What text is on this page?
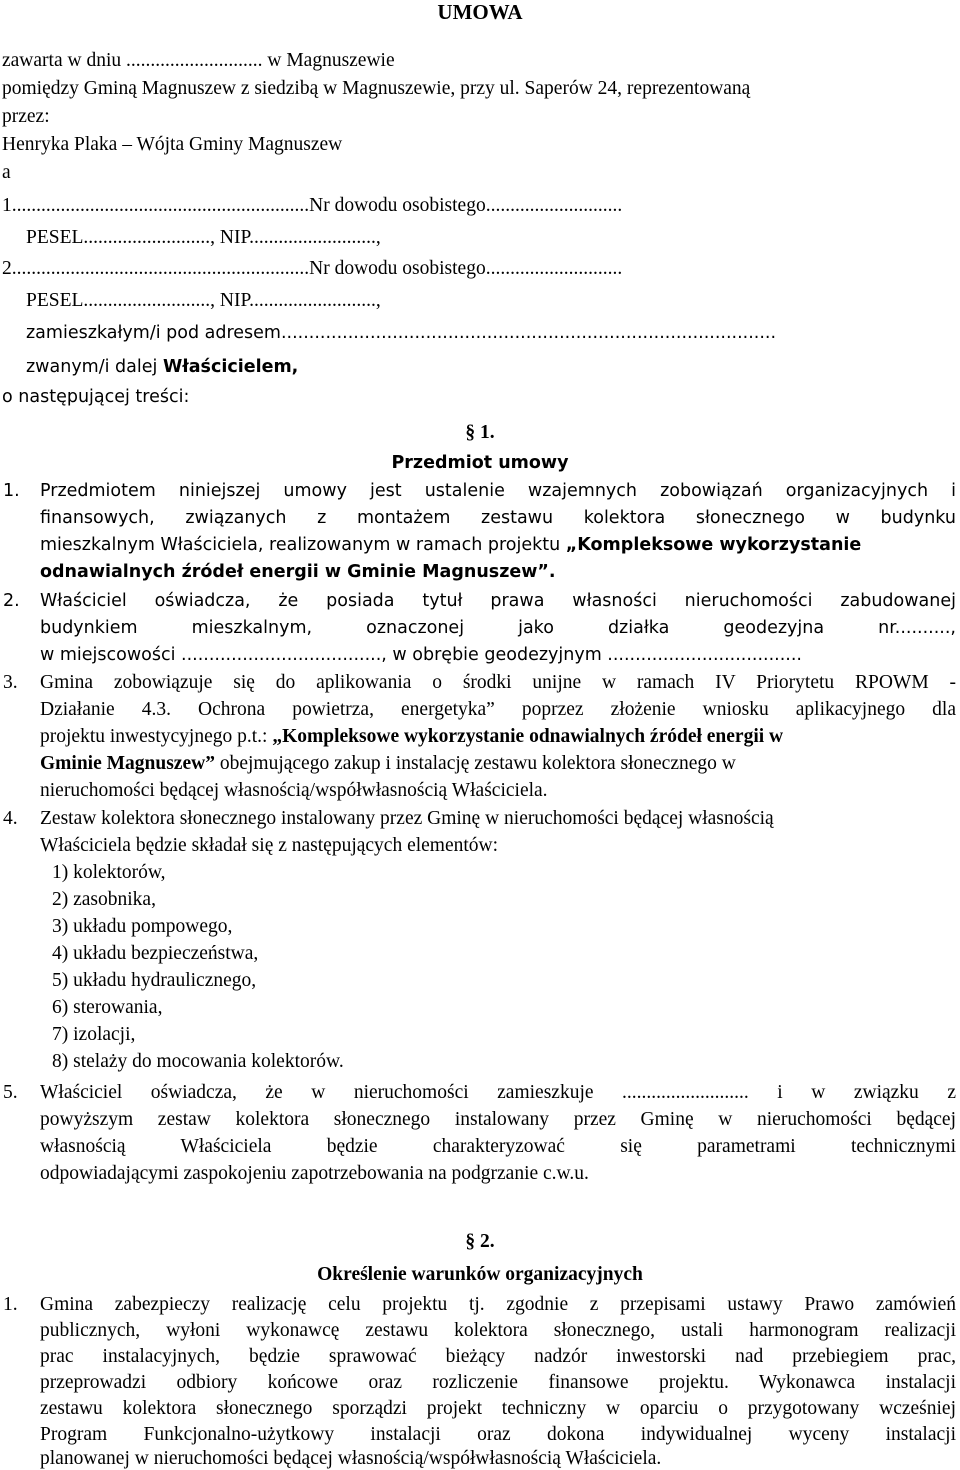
UMOWA
zawarta w dniu ............................ w Magnuszewie
pomiędzy Gminą Magnuszew z siedzibą w Magnuszewie, przy ul. Saperów 24, reprezentowaną
przez:
Henryka Plaka – Wójta Gminy Magnuszew
a
1.............................................................Nr dowodu osobistego............................
PESEL.........................., NIP..........................,
2.............................................................Nr dowodu osobistego............................
PESEL.........................., NIP..........................,
zamieszkałym/i pod adresem.........................................................................................
zwanym/i dalej Właścicielem,
o następującej treści:
§ 1.
Przedmiot umowy
1. Przedmiotem niniejszej umowy jest ustalenie wzajemnych zobowiązań organizacyjnych i
finansowych, związanych z montażem zestawu kolektora słonecznego w budynku
mieszkalnym Właściciela, realizowanym w ramach projektu „Kompleksowe wykorzystanie
odnawialnych źródeł energii w Gminie Magnuszew”.
2. Właściciel oświadcza, że posiada tytuł prawa własności nieruchomości zabudowanej
budynkiem mieszkalnym, oznaczonej jako działka geodezyjna nr..........,
w miejscowości ...................................., w obrębie geodezyjnym ...................................
3. Gmina zobowiązuje się do aplikowania o środki unijne w ramach IV Priorytetu RPOWM -
Działanie 4.3. Ochrona powietrza, energetyka” poprzez złożenie wniosku aplikacyjnego dla
projektu inwestycyjnego p.t.: „Kompleksowe wykorzystanie odnawialnych źródeł energii w
Gminie Magnuszew” obejmującego zakup i instalację zestawu kolektora słonecznego w
nieruchomości będącej własnością/współwłasnością Właściciela.
4. Zestaw kolektora słonecznego instalowany przez Gminę w nieruchomości będącej własnością
Właściciela będzie składał się z następujących elementów:
1) kolektorów,
2) zasobnika,
3) układu pompowego,
4) układu bezpieczeństwa,
5) układu hydraulicznego,
6) sterowania,
7) izolacji,
8) stelaży do mocowania kolektorów.
5. Właściciel oświadcza, że w nieruchomości zamieszkuje .......................... i w związku z
powyższym zestaw kolektora słonecznego instalowany przez Gminę w nieruchomości będącej
własnością Właściciela będzie charakteryzować się parametrami technicznymi
odpowiadającymi zaspokojeniu zapotrzebowania na podgrzanie c.w.u.
§ 2.
Określenie warunków organizacyjnych
1. Gmina zabezpieczy realizację celu projektu tj. zgodnie z przepisami ustawy Prawo zamówień
publicznych, wyłoni wykonawcę zestawu kolektora słonecznego, ustali harmonogram realizacji
prac instalacyjnych, będzie sprawować bieżący nadzór inwestorski nad przebiegiem prac,
przeprowadzi odbiory końcowe oraz rozliczenie finansowe projektu. Wykonawca instalacji
zestawu kolektora słonecznego sporządzi projekt techniczny w oparciu o przygotowany wcześniej
Program Funkcjonalno-użytkowy instalacji oraz dokona indywidualnej wyceny instalacji
planowanej w nieruchomości będącej własnością/współwłasnością Właściciela.
